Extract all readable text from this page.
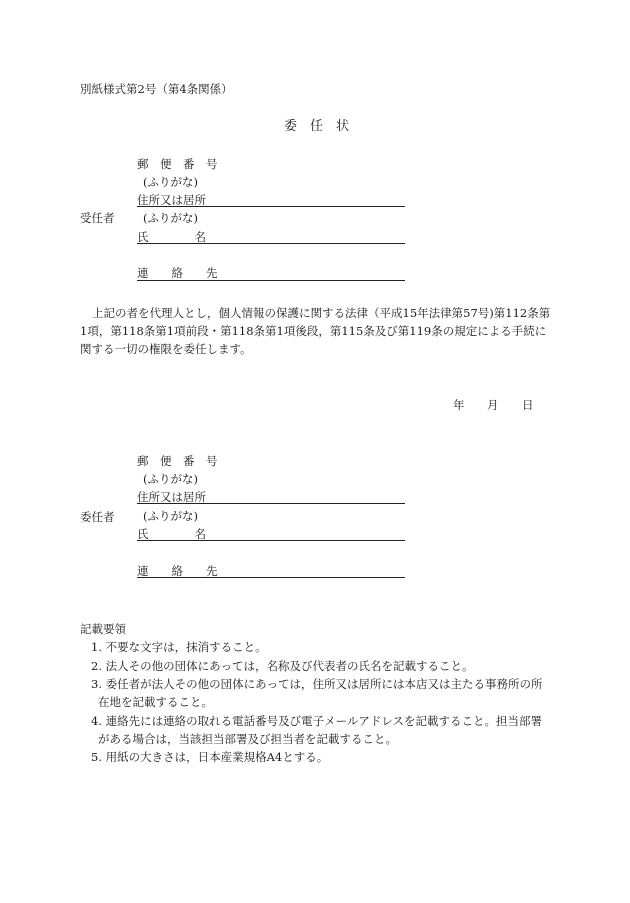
別紙様式第2号（第4条関係）
委　任　状
郵　便　番　号
(ふりがな)
住所又は居所
受任者 (ふりがな)
氏　　　　名
連　　絡　　先
上記の者を代理人とし，個人情報の保護に関する法律（平成15年法律第57号)第112条第1項，第118条第1項前段・第118条第1項後段，第115条及び第119条の規定による手続に関する一切の権限を委任します。
年 月 日
郵　便　番　号
(ふりがな)
住所又は居所
委任者 (ふりがな)
氏　　　　名
連　　絡　　先
記載要領
1. 不要な文字は，抹消すること。
2. 法人その他の団体にあっては，名称及び代表者の氏名を記載すること。
3. 委任者が法人その他の団体にあっては，住所又は居所には本店又は主たる事務所の所
在地を記載すること。
4. 連絡先には連絡の取れる電話番号及び電子メールアドレスを記載すること。担当部署
がある場合は，当該担当部署及び担当者を記載すること。
5. 用紙の大きさは，日本産業規格A4とする。
